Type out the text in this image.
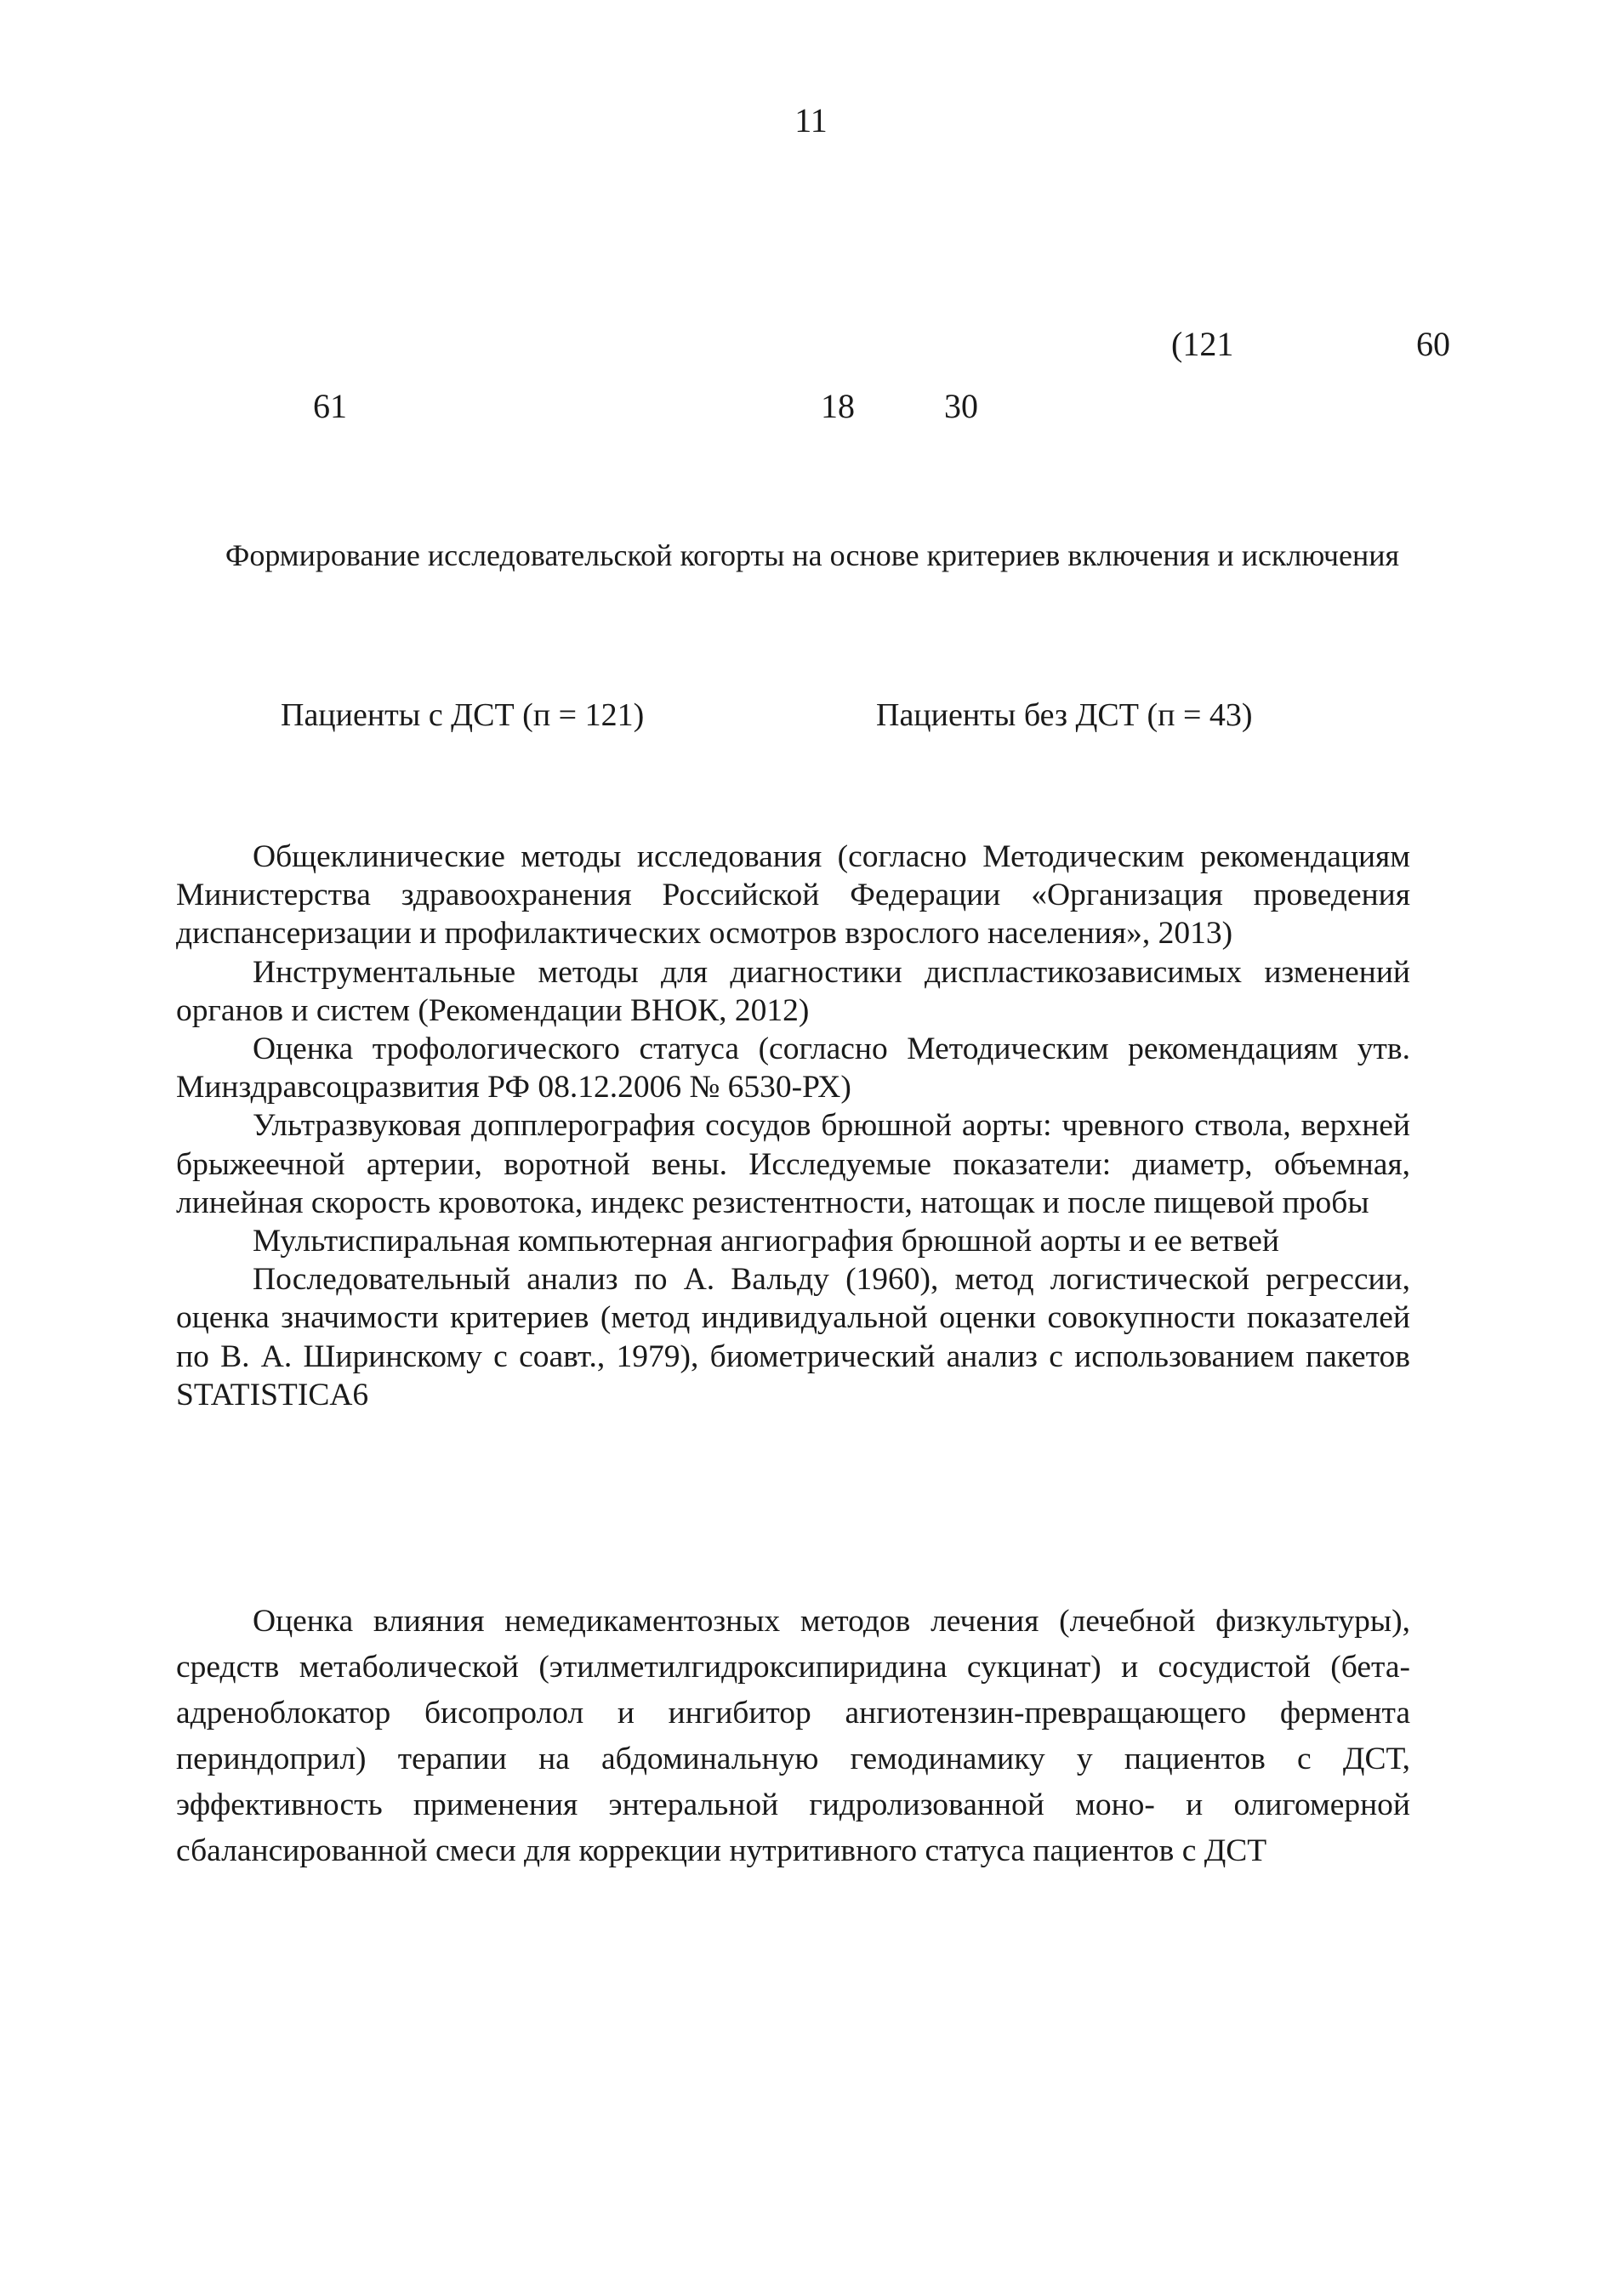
11
(121	60
61	18	30
Формирование исследовательской когорты на основе критериев включения и исключения
Пациенты с ДСТ (п = 121)	Пациенты без ДСТ (п = 43)

Общеклинические методы исследования (согласно Методическим рекомендациям Министерства здравоохранения Российской Федерации «Организация проведения диспансеризации и профилактических осмотров взрослого населения», 2013)

Инструментальные методы для диагностики диспластикозависимых изменений органов и систем (Рекомендации ВНОК, 2012)

Оценка трофологического статуса (согласно Методическим рекомендациям утв. Минздравсоцразвития РФ 08.12.2006 № 6530-РХ)

Ультразвуковая допплерография сосудов брюшной аорты: чревного ствола, верхней брыжеечной артерии, воротной вены. Исследуемые показатели: диаметр, объемная, линейная скорость кровотока, индекс резистентности, натощак и после пищевой пробы

Мультиспиральная компьютерная ангиография брюшной аорты и ее ветвей

Последовательный анализ по А. Вальду (1960), метод логистической регрессии, оценка значимости критериев (метод индивидуальной оценки совокупности показателей по В. А. Ширинскому с соавт., 1979), биометрический анализ с использованием пакетов STATISTICA6

Оценка влияния немедикаментозных методов лечения (лечебной физкультуры), средств метаболической (этилметилгидроксипиридина сукцинат) и сосудистой (бета-адреноблокатор бисопролол и ингибитор ангиотензин-превращающего фермента периндоприл) терапии на абдоминальную гемодинамику у пациентов с ДСТ, эффективность применения энтеральной гидролизованной моно- и олигомерной сбалансированной смеси для коррекции нутритивного статуса пациентов с ДСТ
